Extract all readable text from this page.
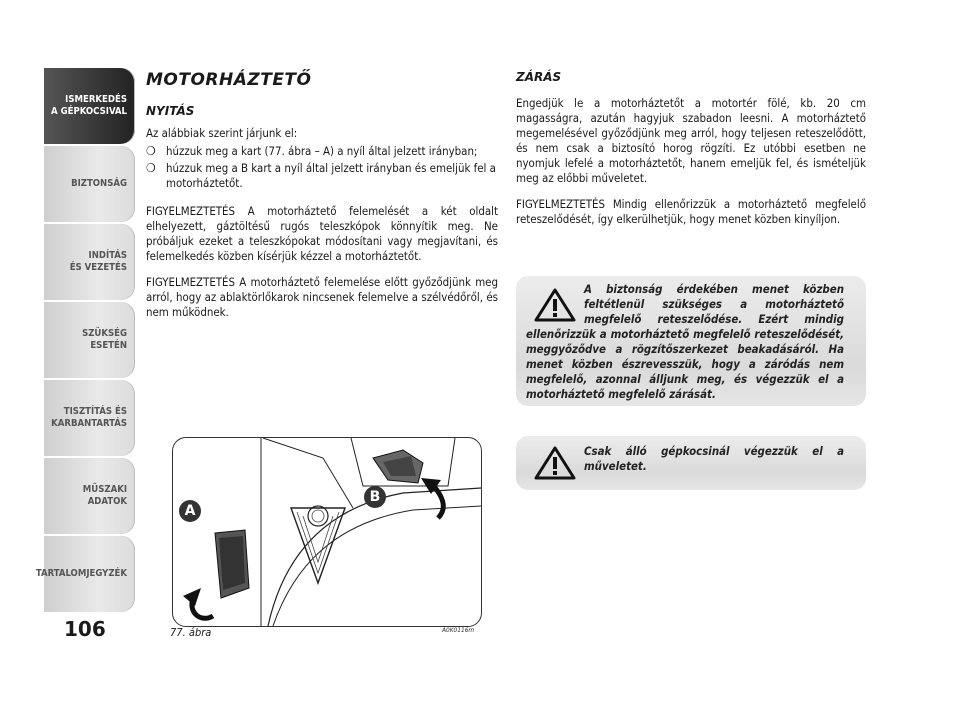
ISMERKEDÉS
A GÉPKOCSIVAL
BIZTONSÁG
INDÍTÁS
ÉS VEZETÉS
SZÜKSÉG
ESETÉN
TISZTÍTÁS ÉS
KARBANTARTÁS
MŰSZAKI
ADATOK
TARTALOMJEGYZÉK
106
MOTORHÁZTETŐ
NYITÁS

Az alábbiak szerint járjunk el:

❍ húzzuk meg a kart (77. ábra – A) a nyíl által jelzett irányban;
❍ húzzuk meg a B kart a nyíl által jelzett irányban és emeljük fel a motorháztetőt.

FIGYELMEZTETÉS A motorháztető felemelését a két oldalt elhelyezett, gáztöltésű rugós teleszkópok könnyítik meg. Ne próbáljuk ezeket a teleszkópokat módosítani vagy megjavítani, és felemelkedés közben kísérjük kézzel a motorháztetőt.

FIGYELMEZTETÉS A motorháztető felemelése előtt győződjünk meg arról, hogy az ablaktörlőkarok nincsenek felemelve a szélvédőről, és nem működnek.

ZÁRÁS

Engedjük le a motorháztetőt a motortér fölé, kb. 20 cm magasságra, azután hagyjuk szabadon leesni. A motorháztető megemelésével győződjünk meg arról, hogy teljesen reteszelődött, és nem csak a biztosító horog rögzíti. Ez utóbbi esetben ne nyomjuk lefelé a motorháztetőt, hanem emeljük fel, és ismételjük meg az előbbi műveletet.

FIGYELMEZTETÉS Mindig ellenőrizzük a motorháztető megfelelő reteszelődését, így elkerülhetjük, hogy menet közben kinyíljon.

A biztonság érdekében menet közben feltétlenül szükséges a motorháztető megfelelő reteszelődése. Ezért mindig ellenőrizzük a motorháztető megfelelő reteszelődését, meggyőződve a rögzítőszerkezet beakadásáról. Ha menet közben észrevesszük, hogy a záródás nem megfelelő, azonnal álljunk meg, és végezzük el a motorháztető megfelelő zárását.
Csak álló gépkocsinál végezzük el a műveletet.
A
B
77. ábra	A0K0116m
